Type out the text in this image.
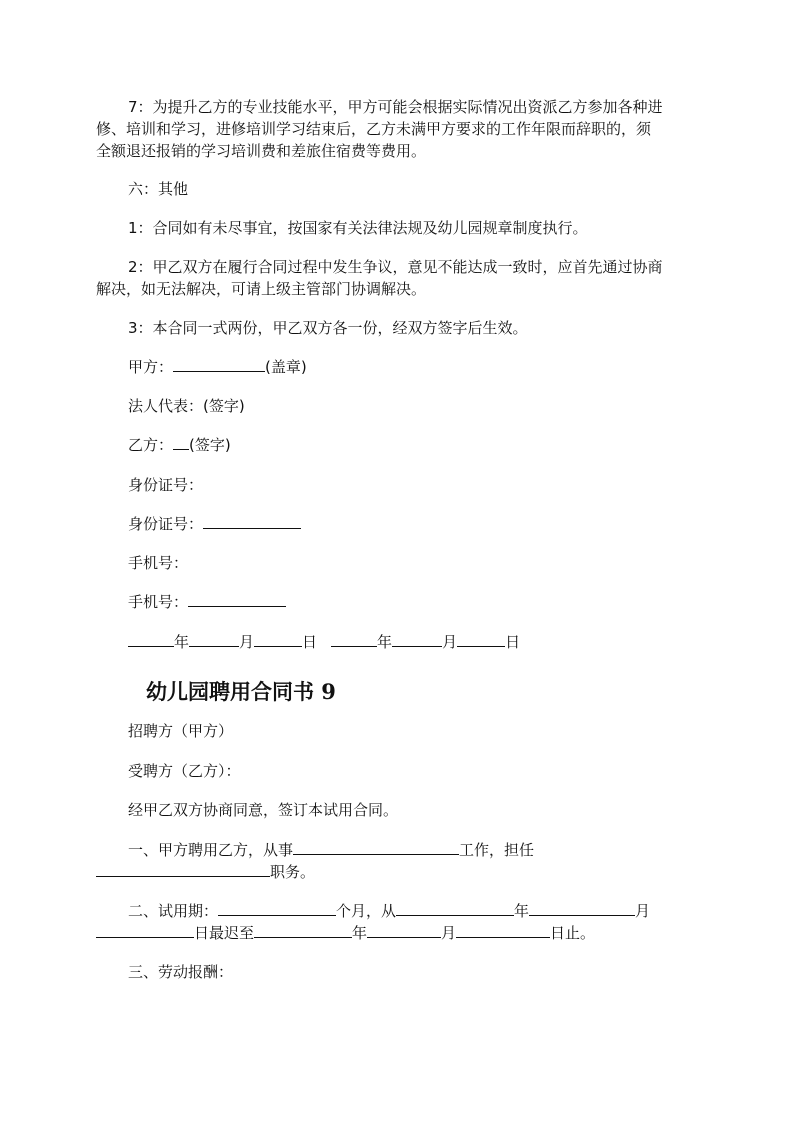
7：为提升乙方的专业技能水平，甲方可能会根据实际情况出资派乙方参加各种进
修、培训和学习，进修培训学习结束后，乙方未满甲方要求的工作年限而辞职的，须
全额退还报销的学习培训费和差旅住宿费等费用。
六：其他
1：合同如有未尽事宜，按国家有关法律法规及幼儿园规章制度执行。
2：甲乙双方在履行合同过程中发生争议，意见不能达成一致时，应首先通过协商
解决，如无法解决，可请上级主管部门协调解决。
3：本合同一式两份，甲乙双方各一份，经双方签字后生效。
甲方：	(盖章)
法人代表：(签字)
乙方： (签字)
身份证号：
身份证号：
手机号：
手机号：
年	月	日	年	月	日
幼儿园聘用合同书 9
招聘方（甲方）
受聘方（乙方）：
经甲乙双方协商同意，签订本试用合同。
一、甲方聘用乙方，从事	工作，担任
职务。
二、试用期：	个月，从	年	月
日最迟至	年	月	日止。
三、劳动报酬：
